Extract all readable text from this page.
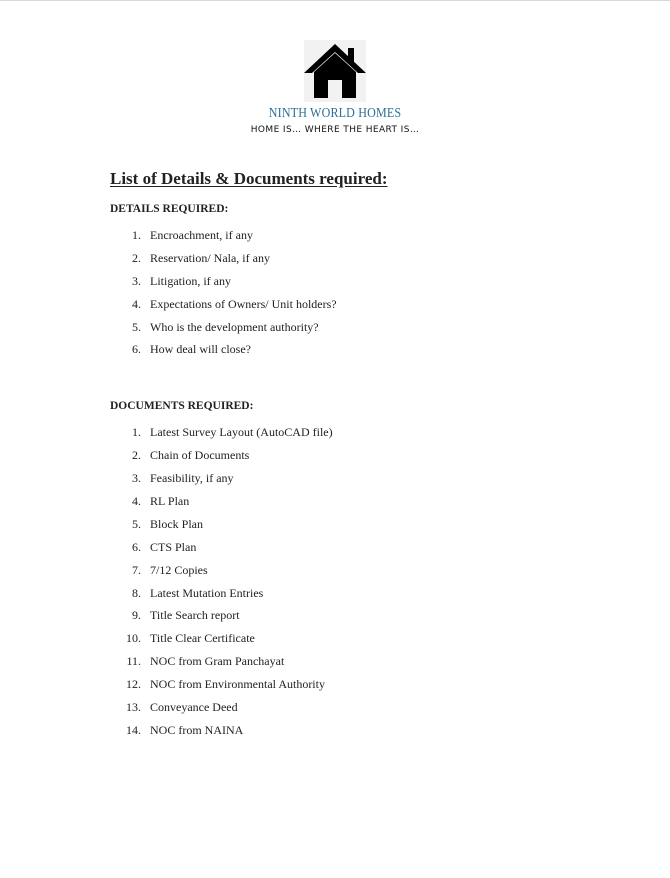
NINTH WORLD HOMES
HOME IS… WHERE THE HEART IS…
List of Details & Documents required:
DETAILS REQUIRED:
1. Encroachment, if any
2. Reservation/ Nala, if any
3. Litigation, if any
4. Expectations of Owners/ Unit holders?
5. Who is the development authority?
6. How deal will close?
DOCUMENTS REQUIRED:
1. Latest Survey Layout (AutoCAD file)
2. Chain of Documents
3. Feasibility, if any
4. RL Plan
5. Block Plan
6. CTS Plan
7. 7/12 Copies
8. Latest Mutation Entries
9. Title Search report
10. Title Clear Certificate
11. NOC from Gram Panchayat
12. NOC from Environmental Authority
13. Conveyance Deed
14. NOC from NAINA
